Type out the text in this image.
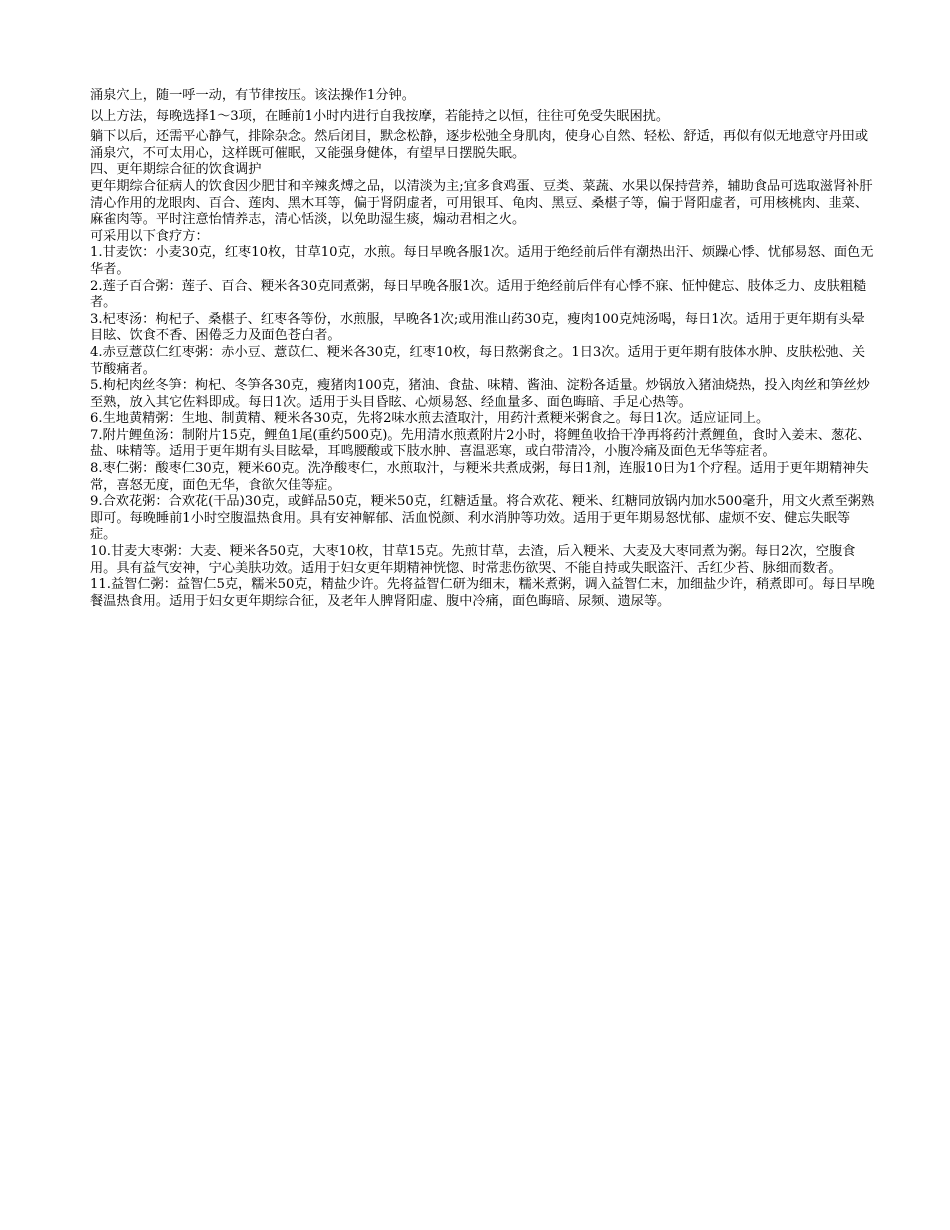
涌泉穴上，随一呼一动，有节律按压。该法操作1分钟。

以上方法，每晚选择1～3项，在睡前1小时内进行自我按摩，若能持之以恒，往往可免受失眠困扰。

躺下以后，还需平心静气，排除杂念。然后闭目，默念松静，逐步松弛全身肌肉，使身心自然、轻松、舒适，再似有似无地意守丹田或涌泉穴，不可太用心，这样既可催眠，又能强身健体，有望早日摆脱失眠。

四、更年期综合征的饮食调护

更年期综合征病人的饮食因少肥甘和辛辣炙煿之品，以清淡为主;宜多食鸡蛋、豆类、菜蔬、水果以保持营养，辅助食品可选取滋肾补肝清心作用的龙眼肉、百合、莲肉、黑木耳等，偏于肾阴虚者，可用银耳、龟肉、黑豆、桑椹子等，偏于肾阳虚者，可用核桃肉、韭菜、麻雀肉等。平时注意怡情养志，清心恬淡，以免助湿生痰，煽动君相之火。

可采用以下食疗方：

1.甘麦饮：小麦30克，红枣10枚，甘草10克，水煎。每日早晚各服1次。适用于绝经前后伴有潮热出汗、烦躁心悸、忧郁易怒、面色无华者。

2.莲子百合粥：莲子、百合、粳米各30克同煮粥，每日早晚各服1次。适用于绝经前后伴有心悸不寐、怔忡健忘、肢体乏力、皮肤粗糙者。

3.杞枣汤：枸杞子、桑椹子、红枣各等份，水煎服，早晚各1次;或用淮山药30克，瘦肉100克炖汤喝，每日1次。适用于更年期有头晕目眩、饮食不香、困倦乏力及面色苍白者。

4.赤豆薏苡仁红枣粥：赤小豆、薏苡仁、粳米各30克，红枣10枚，每日熬粥食之。1日3次。适用于更年期有肢体水肿、皮肤松弛、关节酸痛者。

5.枸杞肉丝冬笋：枸杞、冬笋各30克，瘦猪肉100克，猪油、食盐、味精、酱油、淀粉各适量。炒锅放入猪油烧热，投入肉丝和笋丝炒至熟，放入其它佐料即成。每日1次。适用于头目昏眩、心烦易怒、经血量多、面色晦暗、手足心热等。

6.生地黄精粥：生地、制黄精、粳米各30克，先将2味水煎去渣取汁，用药汁煮粳米粥食之。每日1次。适应证同上。

7.附片鲤鱼汤：制附片15克，鲤鱼1尾(重约500克)。先用清水煎煮附片2小时，将鲤鱼收拾干净再将药汁煮鲤鱼，食时入姜末、葱花、盐、味精等。适用于更年期有头目眩晕，耳鸣腰酸或下肢水肿、喜温恶寒，或白带清冷，小腹冷痛及面色无华等症者。

8.枣仁粥：酸枣仁30克，粳米60克。洗净酸枣仁，水煎取汁，与粳米共煮成粥，每日1剂，连服10日为1个疗程。适用于更年期精神失常，喜怒无度，面色无华，食欲欠佳等症。

9.合欢花粥：合欢花(干品)30克，或鲜品50克，粳米50克，红糖适量。将合欢花、粳米、红糖同放锅内加水500毫升，用文火煮至粥熟即可。每晚睡前1小时空腹温热食用。具有安神解郁、活血悦颜、利水消肿等功效。适用于更年期易怒忧郁、虚烦不安、健忘失眠等症。

10.甘麦大枣粥：大麦、粳米各50克，大枣10枚，甘草15克。先煎甘草，去渣，后入粳米、大麦及大枣同煮为粥。每日2次，空腹食用。具有益气安神，宁心美肤功效。适用于妇女更年期精神恍惚、时常悲伤欲哭、不能自持或失眠盗汗、舌红少苔、脉细而数者。

11.益智仁粥：益智仁5克，糯米50克，精盐少许。先将益智仁研为细末，糯米煮粥，调入益智仁末，加细盐少许，稍煮即可。每日早晚餐温热食用。适用于妇女更年期综合征，及老年人脾肾阳虚、腹中冷痛，面色晦暗、尿频、遗尿等。
